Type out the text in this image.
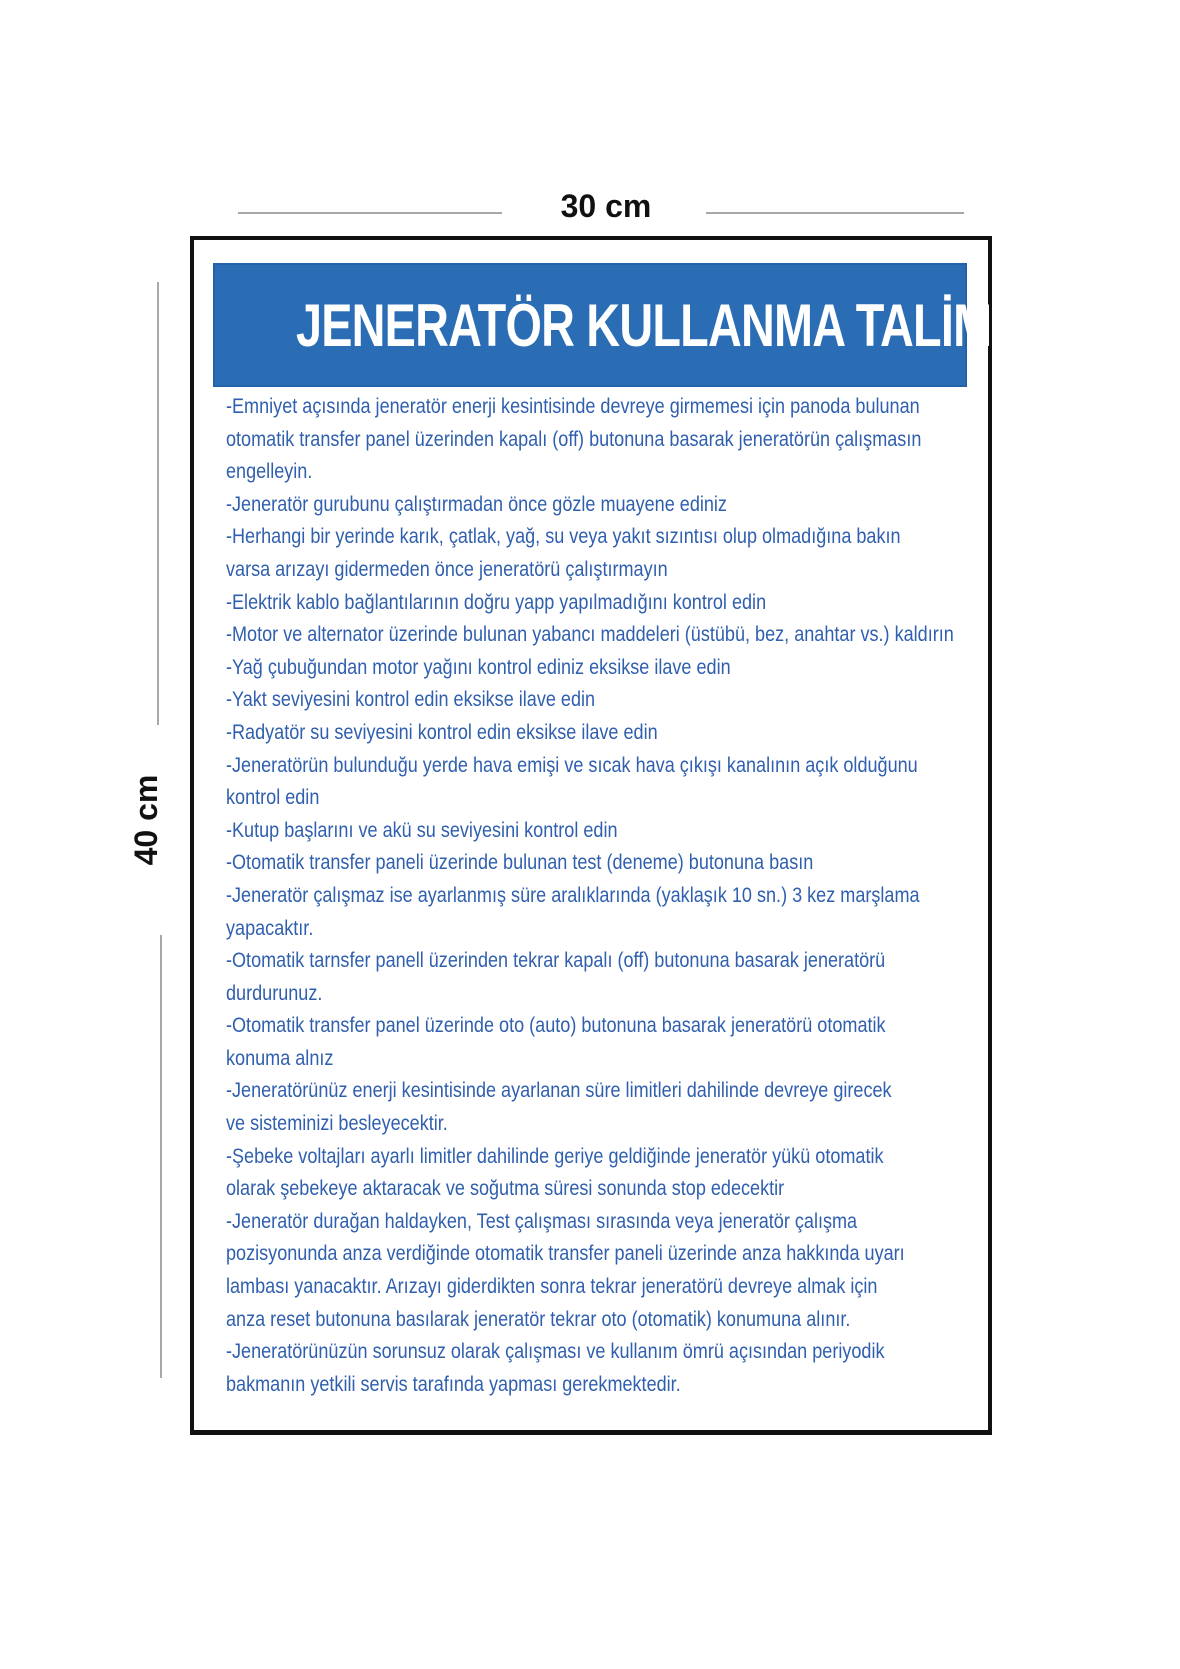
30 cm
40 cm
JENERATÖR KULLANMA TALİMATI
-Emniyet açısında jeneratör enerji kesintisinde devreye girmemesi için panoda bulunan
otomatik transfer panel üzerinden kapalı (off) butonuna basarak jeneratörün çalışmasın
engelleyin.
-Jeneratör gurubunu çalıştırmadan önce gözle muayene ediniz
-Herhangi bir yerinde karık, çatlak, yağ, su veya yakıt sızıntısı olup olmadığına bakın
varsa arızayı gidermeden önce jeneratörü çalıştırmayın
-Elektrik kablo bağlantılarının doğru yapp yapılmadığını kontrol edin
-Motor ve alternator üzerinde bulunan yabancı maddeleri (üstübü, bez, anahtar vs.) kaldırın
-Yağ çubuğundan motor yağını kontrol ediniz eksikse ilave edin
-Yakt seviyesini kontrol edin eksikse ilave edin
-Radyatör su seviyesini kontrol edin eksikse ilave edin
-Jeneratörün bulunduğu yerde hava emişi ve sıcak hava çıkışı kanalının açık olduğunu
kontrol edin
-Kutup başlarını ve akü su seviyesini kontrol edin
-Otomatik transfer paneli üzerinde bulunan test (deneme) butonuna basın
-Jeneratör çalışmaz ise ayarlanmış süre aralıklarında (yaklaşık 10 sn.) 3 kez marşlama
yapacaktır.
-Otomatik tarnsfer panell üzerinden tekrar kapalı (off) butonuna basarak jeneratörü
durdurunuz.
-Otomatik transfer panel üzerinde oto (auto) butonuna basarak jeneratörü otomatik
konuma alnız
-Jeneratörünüz enerji kesintisinde ayarlanan süre limitleri dahilinde devreye girecek
ve sisteminizi besleyecektir.
-Şebeke voltajları ayarlı limitler dahilinde geriye geldiğinde jeneratör yükü otomatik
olarak şebekeye aktaracak ve soğutma süresi sonunda stop edecektir
-Jeneratör durağan haldayken, Test çalışması sırasında veya jeneratör çalışma
pozisyonunda anza verdiğinde otomatik transfer paneli üzerinde anza hakkında uyarı
lambası yanacaktır. Arızayı giderdikten sonra tekrar jeneratörü devreye almak için
anza reset butonuna basılarak jeneratör tekrar oto (otomatik) konumuna alınır.
-Jeneratörünüzün sorunsuz olarak çalışması ve kullanım ömrü açısından periyodik
bakmanın yetkili servis tarafında yapması gerekmektedir.
